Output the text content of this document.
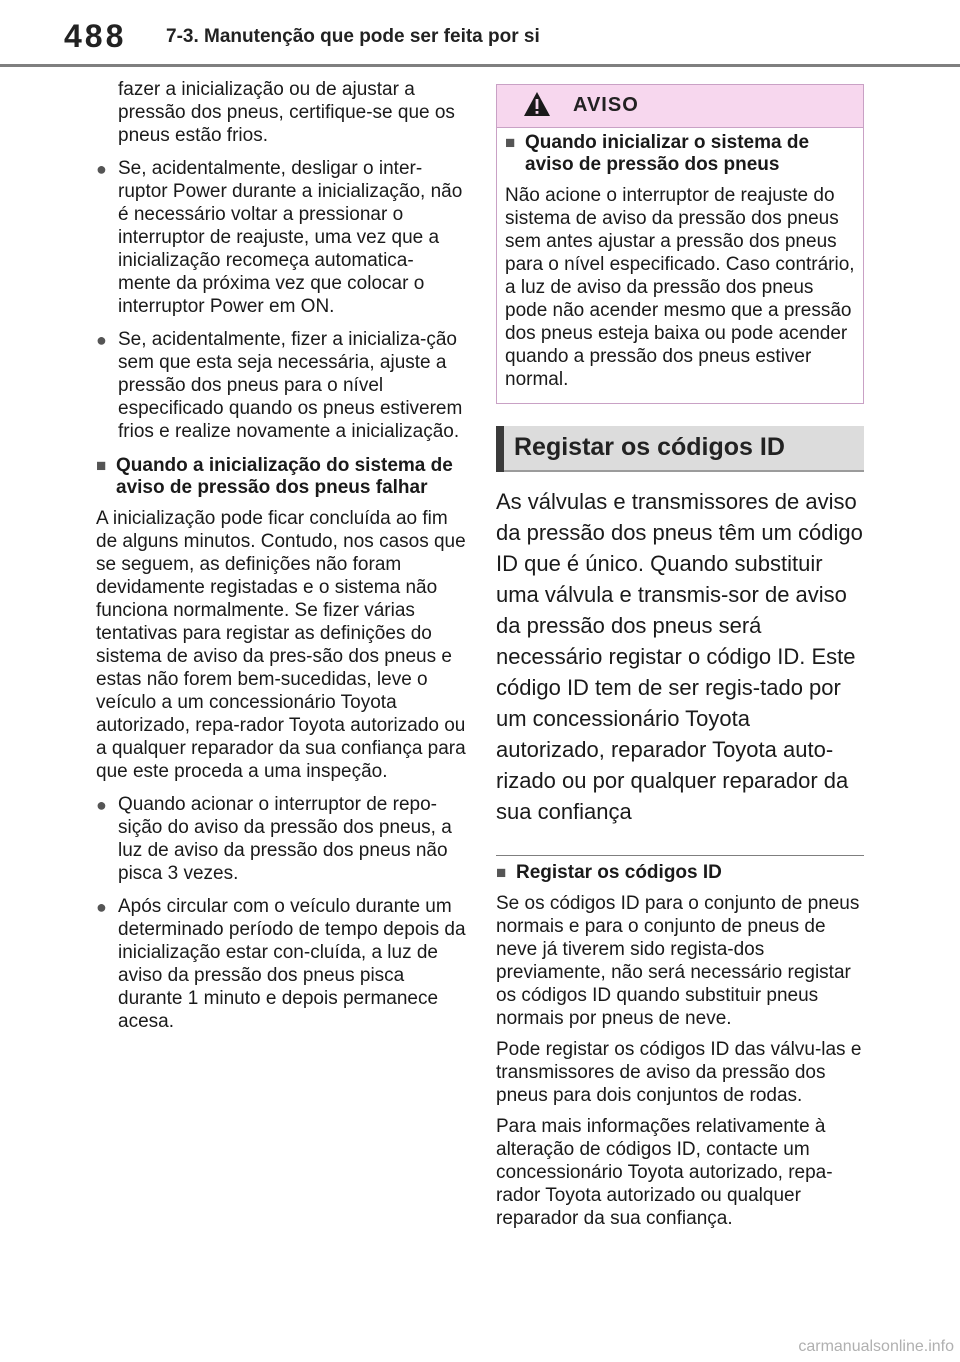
488 7-3. Manutenção que pode ser feita por si

fazer a inicialização ou de ajustar a pressão dos pneus, certifique-se que os pneus estão frios.

● Se, acidentalmente, desligar o inter-ruptor Power durante a inicialização, não é necessário voltar a pressionar o interruptor de reajuste, uma vez que a inicialização recomeça automatica-mente da próxima vez que colocar o interruptor Power em ON.
● Se, acidentalmente, fizer a inicializa-ção sem que esta seja necessária, ajuste a pressão dos pneus para o nível especificado quando os pneus estiverem frios e realize novamente a inicialização.
■ Quando a inicialização do sistema de aviso de pressão dos pneus falhar

A inicialização pode ficar concluída ao fim de alguns minutos. Contudo, nos casos que se seguem, as definições não foram devidamente registadas e o sistema não funciona normalmente. Se fizer várias tentativas para registar as definições do sistema de aviso da pres-são dos pneus e estas não forem bem-sucedidas, leve o veículo a um concessionário Toyota autorizado, repa-rador Toyota autorizado ou a qualquer reparador da sua confiança para que este proceda a uma inspeção.

● Quando acionar o interruptor de repo-sição do aviso da pressão dos pneus, a luz de aviso da pressão dos pneus não pisca 3 vezes.
● Após circular com o veículo durante um determinado período de tempo depois da inicialização estar con-cluída, a luz de aviso da pressão dos pneus pisca durante 1 minuto e depois permanece acesa.
AVISO
■ Quando inicializar o sistema de aviso de pressão dos pneus

Não acione o interruptor de reajuste do sistema de aviso da pressão dos pneus sem antes ajustar a pressão dos pneus para o nível especificado. Caso contrário, a luz de aviso da pressão dos pneus pode não acender mesmo que a pressão dos pneus esteja baixa ou pode acender quando a pressão dos pneus estiver normal.

Registar os códigos ID

As válvulas e transmissores de aviso da pressão dos pneus têm um código ID que é único. Quando substituir uma válvula e transmis-sor de aviso da pressão dos pneus será necessário registar o código ID. Este código ID tem de ser regis-tado por um concessionário Toyota autorizado, reparador Toyota auto-rizado ou por qualquer reparador da sua confiança

■ Registar os códigos ID

Se os códigos ID para o conjunto de pneus normais e para o conjunto de pneus de neve já tiverem sido regista-dos previamente, não será necessário registar os códigos ID quando substituir pneus normais por pneus de neve.

Pode registar os códigos ID das válvu-las e transmissores de aviso da pressão dos pneus para dois conjuntos de rodas.

Para mais informações relativamente à alteração de códigos ID, contacte um concessionário Toyota autorizado, repa-rador Toyota autorizado ou qualquer reparador da sua confiança.

carmanualsonline.info
